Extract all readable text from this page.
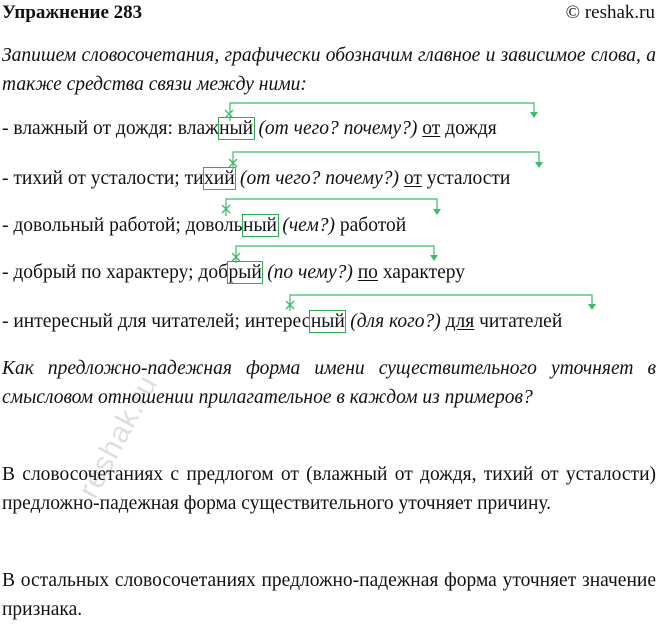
Упражнение 283	© reshak.ru
Запишем словосочетания, графически обозначим главное и зависимое слова, а также средства связи между ними:
- влажный от дождя: влажный (от чего? почему?) от дождя
- тихий от усталости; тихий (от чего? почему?) от усталости
- довольный работой; довольный (чем?) работой
- добрый по характеру; добрый (по чему?) по характеру
- интересный для читателей; интересный (для кого?) для читателей
Как предложно-падежная форма имени существительного уточняет в смысловом отношении прилагательное в каждом из примеров?
В словосочетаниях с предлогом от (влажный от дождя, тихий от усталости) предложно-падежная форма существительного уточняет причину.
В остальных словосочетаниях предложно-падежная форма уточняет значение признака.
reshak.ru
